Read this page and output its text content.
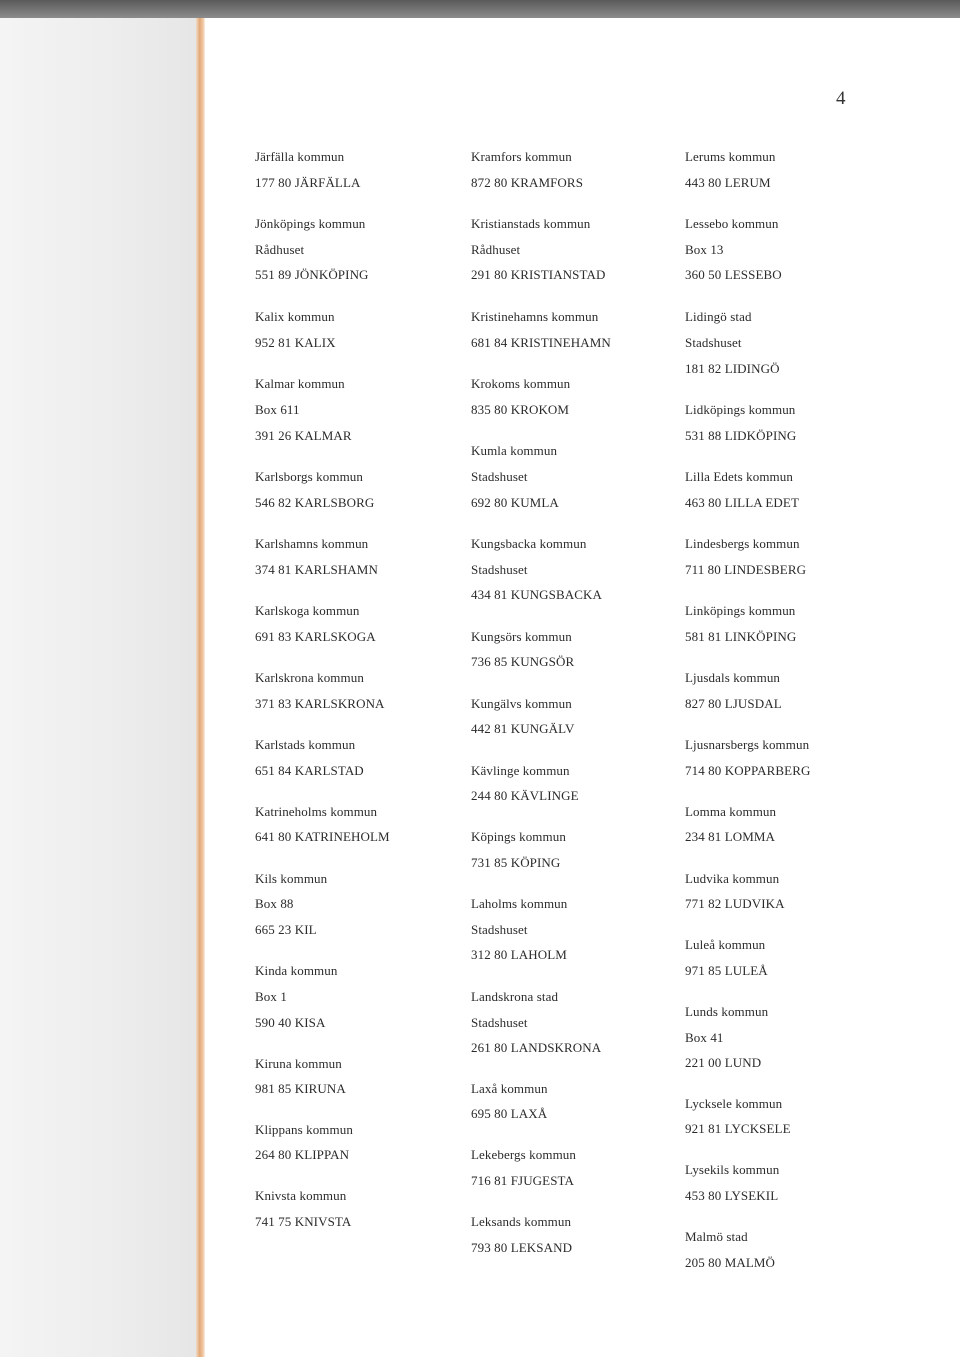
4
Järfälla kommun
177 80 JÄRFÄLLA
Jönköpings kommun
Rådhuset
551 89 JÖNKÖPING
Kalix kommun
952 81 KALIX
Kalmar kommun
Box 611
391 26 KALMAR
Karlsborgs kommun
546 82 KARLSBORG
Karlshamns kommun
374 81 KARLSHAMN
Karlskoga kommun
691 83 KARLSKOGA
Karlskrona kommun
371 83 KARLSKRONA
Karlstads kommun
651 84 KARLSTAD
Katrineholms kommun
641 80 KATRINEHOLM
Kils kommun
Box 88
665 23 KIL
Kinda kommun
Box 1
590 40 KISA
Kiruna kommun
981 85 KIRUNA
Klippans kommun
264 80 KLIPPAN
Knivsta kommun
741 75 KNIVSTA
Kramfors kommun
872 80 KRAMFORS
Kristianstads kommun
Rådhuset
291 80 KRISTIANSTAD
Kristinehamns kommun
681 84 KRISTINEHAMN
Krokoms kommun
835 80 KROKOM
Kumla kommun
Stadshuset
692 80 KUMLA
Kungsbacka kommun
Stadshuset
434 81 KUNGSBACKA
Kungsörs kommun
736 85 KUNGSÖR
Kungälvs kommun
442 81 KUNGÄLV
Kävlinge kommun
244 80 KÄVLINGE
Köpings kommun
731 85 KÖPING
Laholms kommun
Stadshuset
312 80 LAHOLM
Landskrona stad
Stadshuset
261 80 LANDSKRONA
Laxå kommun
695 80 LAXÅ
Lekebergs kommun
716 81 FJUGESTA
Leksands kommun
793 80 LEKSAND
Lerums kommun
443 80 LERUM
Lessebo kommun
Box 13
360 50 LESSEBO
Lidingö stad
Stadshuset
181 82 LIDINGÖ
Lidköpings kommun
531 88 LIDKÖPING
Lilla Edets kommun
463 80 LILLA EDET
Lindesbergs kommun
711 80 LINDESBERG
Linköpings kommun
581 81 LINKÖPING
Ljusdals kommun
827 80 LJUSDAL
Ljusnarsbergs kommun
714 80 KOPPARBERG
Lomma kommun
234 81 LOMMA
Ludvika kommun
771 82 LUDVIKA
Luleå kommun
971 85 LULEÅ
Lunds kommun
Box 41
221 00 LUND
Lycksele kommun
921 81 LYCKSELE
Lysekils kommun
453 80 LYSEKIL
Malmö stad
205 80 MALMÖ
